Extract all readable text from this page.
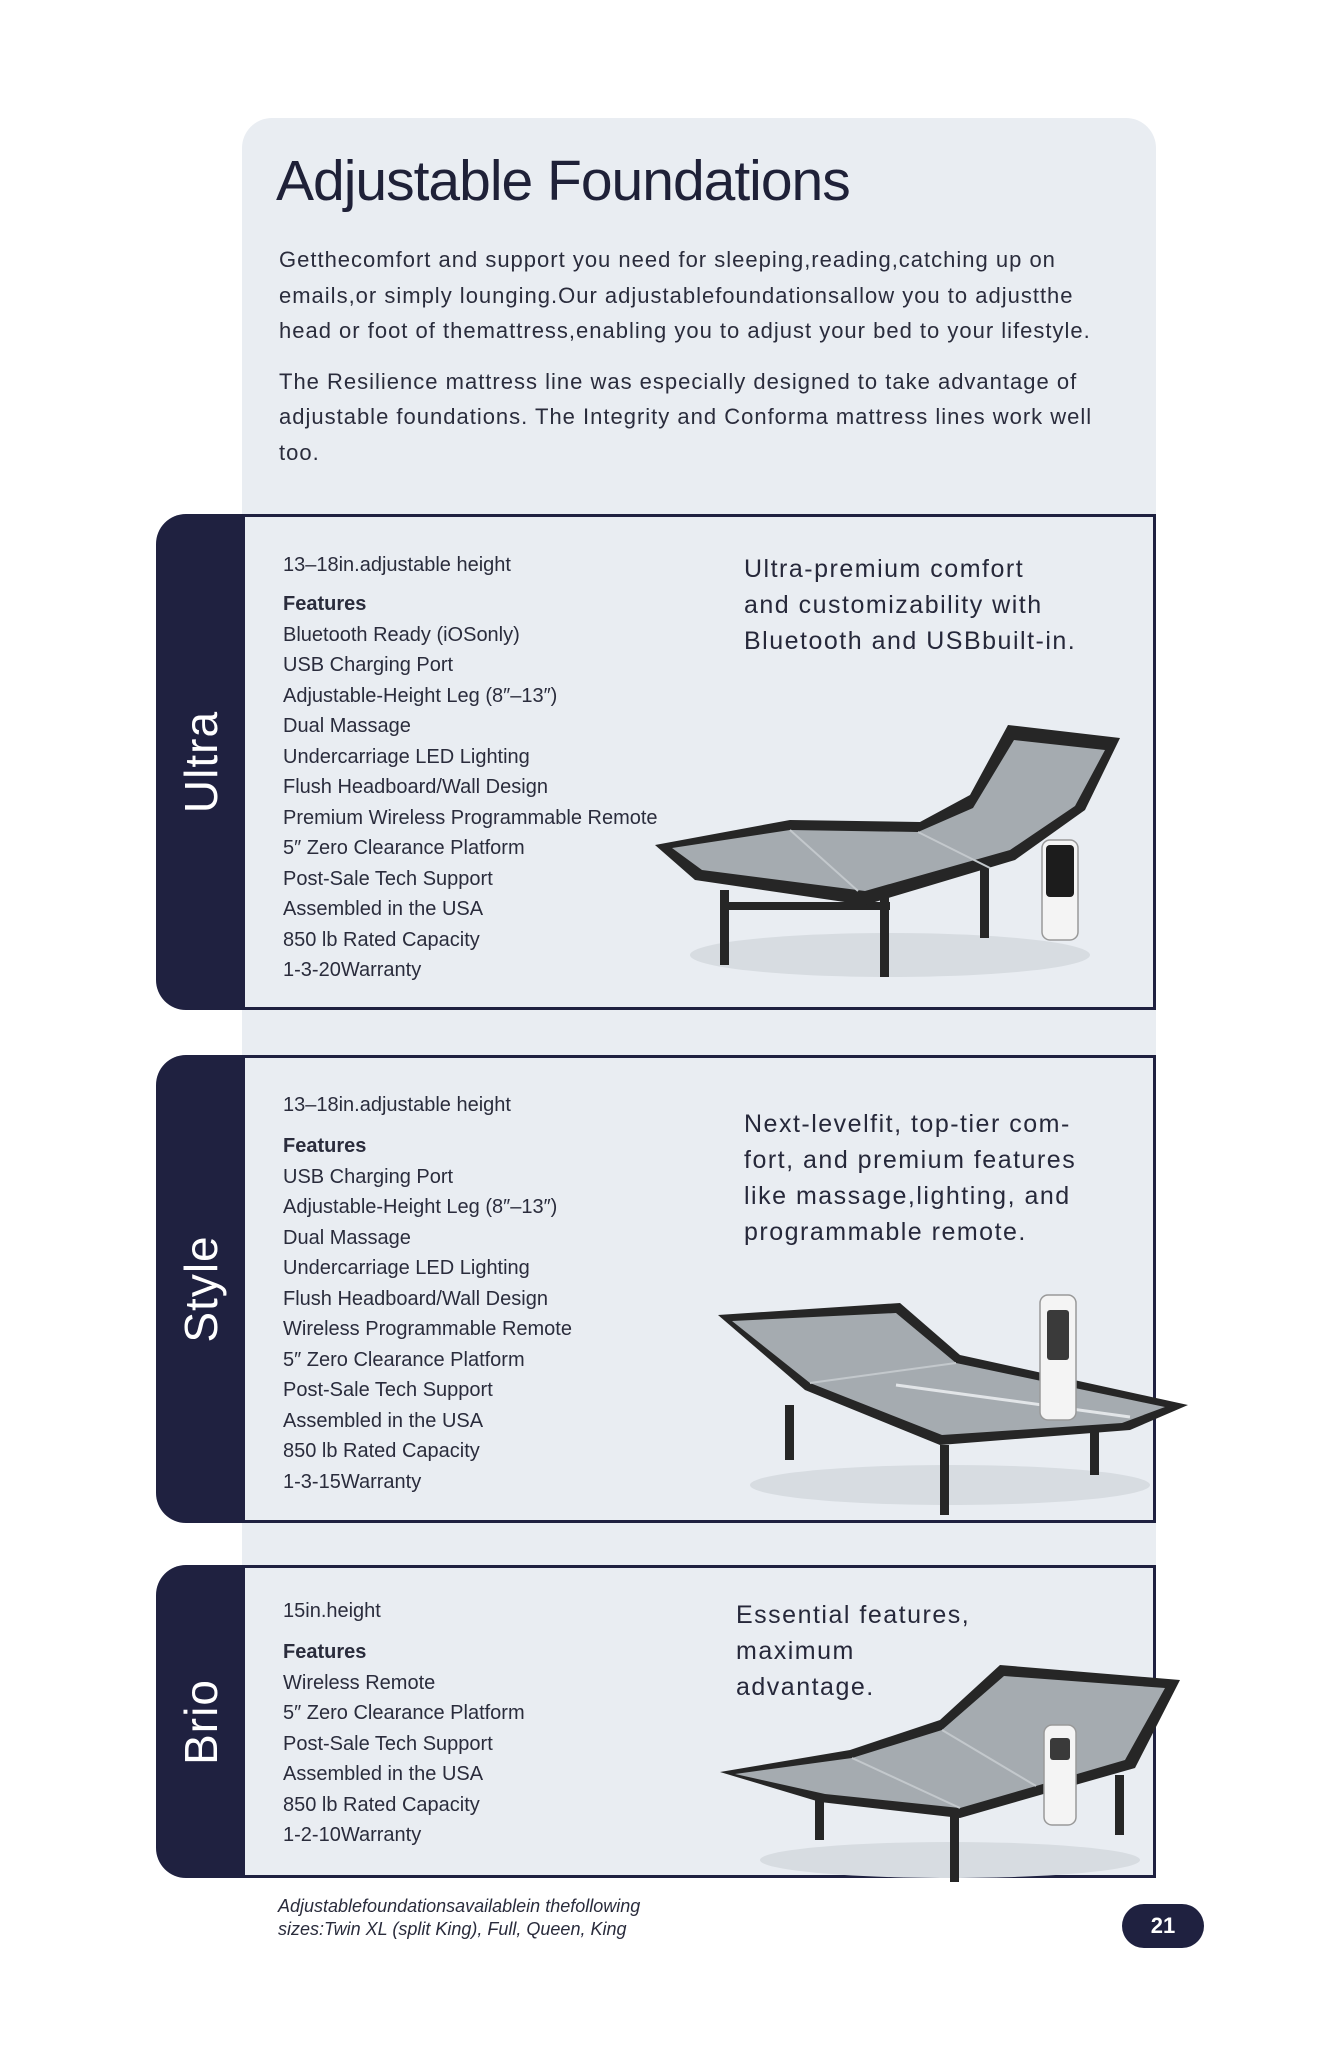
Adjustable Foundations

Getthecomfort and support you need for sleeping,reading,catching up on emails,or simply lounging.Our adjustablefoundationsallow you to adjustthe head or foot of themattress,enabling you to adjust your bed to your lifestyle.

The Resilience mattress line was especially designed to take advantage of adjustable foundations. The Integrity and Conforma mattress lines work well too.

Ultra
13–18in.adjustable height
Features
Bluetooth Ready (iOSonly)
USB Charging Port
Adjustable-Height Leg (8″–13″)
Dual Massage
Undercarriage LED Lighting
Flush Headboard/Wall Design
Premium Wireless Programmable Remote
5″ Zero Clearance Platform
Post-Sale Tech Support
Assembled in the USA
850 lb Rated Capacity
1-3-20Warranty
Ultra-premium comfort
and customizability with
Bluetooth and USBbuilt-in.
Style
13–18in.adjustable height
Features
USB Charging Port
Adjustable-Height Leg (8″–13″)
Dual Massage
Undercarriage LED Lighting
Flush Headboard/Wall Design
Wireless Programmable Remote
5″ Zero Clearance Platform
Post-Sale Tech Support
Assembled in the USA
850 lb Rated Capacity
1-3-15Warranty
Next-levelfit, top-tier com-
fort, and premium features
like massage,lighting, and
programmable remote.
Brio
15in.height
Features
Wireless Remote
5″ Zero Clearance Platform
Post-Sale Tech Support
Assembled in the USA
850 lb Rated Capacity
1-2-10Warranty
Essential features,
maximum
advantage.
Adjustablefoundationsavailablein thefollowing
sizes:Twin XL (split King), Full, Queen, King	21
